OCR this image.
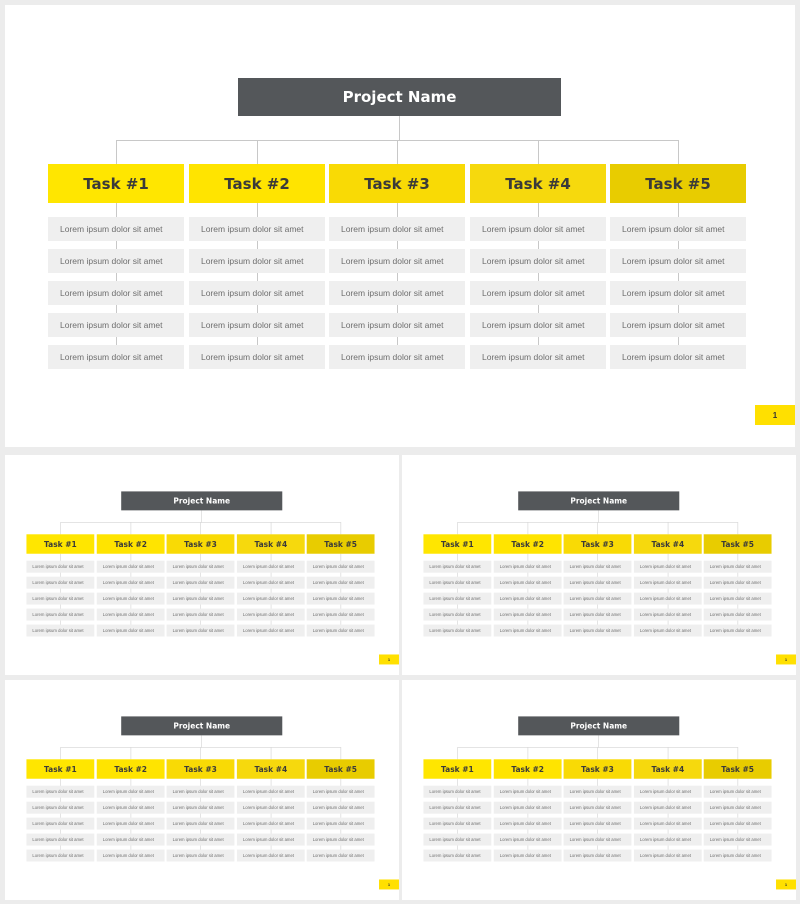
Project Name
Task #1
Lorem ipsum dolor sit amet
Lorem ipsum dolor sit amet
Lorem ipsum dolor sit amet
Lorem ipsum dolor sit amet
Lorem ipsum dolor sit amet
Task #2
Lorem ipsum dolor sit amet
Lorem ipsum dolor sit amet
Lorem ipsum dolor sit amet
Lorem ipsum dolor sit amet
Lorem ipsum dolor sit amet
Task #3
Lorem ipsum dolor sit amet
Lorem ipsum dolor sit amet
Lorem ipsum dolor sit amet
Lorem ipsum dolor sit amet
Lorem ipsum dolor sit amet
Task #4
Lorem ipsum dolor sit amet
Lorem ipsum dolor sit amet
Lorem ipsum dolor sit amet
Lorem ipsum dolor sit amet
Lorem ipsum dolor sit amet
Task #5
Lorem ipsum dolor sit amet
Lorem ipsum dolor sit amet
Lorem ipsum dolor sit amet
Lorem ipsum dolor sit amet
Lorem ipsum dolor sit amet
1
Project Name
Task #1
Lorem ipsum dolor sit amet
Lorem ipsum dolor sit amet
Lorem ipsum dolor sit amet
Lorem ipsum dolor sit amet
Lorem ipsum dolor sit amet
Task #2
Lorem ipsum dolor sit amet
Lorem ipsum dolor sit amet
Lorem ipsum dolor sit amet
Lorem ipsum dolor sit amet
Lorem ipsum dolor sit amet
Task #3
Lorem ipsum dolor sit amet
Lorem ipsum dolor sit amet
Lorem ipsum dolor sit amet
Lorem ipsum dolor sit amet
Lorem ipsum dolor sit amet
Task #4
Lorem ipsum dolor sit amet
Lorem ipsum dolor sit amet
Lorem ipsum dolor sit amet
Lorem ipsum dolor sit amet
Lorem ipsum dolor sit amet
Task #5
Lorem ipsum dolor sit amet
Lorem ipsum dolor sit amet
Lorem ipsum dolor sit amet
Lorem ipsum dolor sit amet
Lorem ipsum dolor sit amet
1
Project Name
Task #1
Lorem ipsum dolor sit amet
Lorem ipsum dolor sit amet
Lorem ipsum dolor sit amet
Lorem ipsum dolor sit amet
Lorem ipsum dolor sit amet
Task #2
Lorem ipsum dolor sit amet
Lorem ipsum dolor sit amet
Lorem ipsum dolor sit amet
Lorem ipsum dolor sit amet
Lorem ipsum dolor sit amet
Task #3
Lorem ipsum dolor sit amet
Lorem ipsum dolor sit amet
Lorem ipsum dolor sit amet
Lorem ipsum dolor sit amet
Lorem ipsum dolor sit amet
Task #4
Lorem ipsum dolor sit amet
Lorem ipsum dolor sit amet
Lorem ipsum dolor sit amet
Lorem ipsum dolor sit amet
Lorem ipsum dolor sit amet
Task #5
Lorem ipsum dolor sit amet
Lorem ipsum dolor sit amet
Lorem ipsum dolor sit amet
Lorem ipsum dolor sit amet
Lorem ipsum dolor sit amet
1
Project Name
Task #1
Lorem ipsum dolor sit amet
Lorem ipsum dolor sit amet
Lorem ipsum dolor sit amet
Lorem ipsum dolor sit amet
Lorem ipsum dolor sit amet
Task #2
Lorem ipsum dolor sit amet
Lorem ipsum dolor sit amet
Lorem ipsum dolor sit amet
Lorem ipsum dolor sit amet
Lorem ipsum dolor sit amet
Task #3
Lorem ipsum dolor sit amet
Lorem ipsum dolor sit amet
Lorem ipsum dolor sit amet
Lorem ipsum dolor sit amet
Lorem ipsum dolor sit amet
Task #4
Lorem ipsum dolor sit amet
Lorem ipsum dolor sit amet
Lorem ipsum dolor sit amet
Lorem ipsum dolor sit amet
Lorem ipsum dolor sit amet
Task #5
Lorem ipsum dolor sit amet
Lorem ipsum dolor sit amet
Lorem ipsum dolor sit amet
Lorem ipsum dolor sit amet
Lorem ipsum dolor sit amet
1
Project Name
Task #1
Lorem ipsum dolor sit amet
Lorem ipsum dolor sit amet
Lorem ipsum dolor sit amet
Lorem ipsum dolor sit amet
Lorem ipsum dolor sit amet
Task #2
Lorem ipsum dolor sit amet
Lorem ipsum dolor sit amet
Lorem ipsum dolor sit amet
Lorem ipsum dolor sit amet
Lorem ipsum dolor sit amet
Task #3
Lorem ipsum dolor sit amet
Lorem ipsum dolor sit amet
Lorem ipsum dolor sit amet
Lorem ipsum dolor sit amet
Lorem ipsum dolor sit amet
Task #4
Lorem ipsum dolor sit amet
Lorem ipsum dolor sit amet
Lorem ipsum dolor sit amet
Lorem ipsum dolor sit amet
Lorem ipsum dolor sit amet
Task #5
Lorem ipsum dolor sit amet
Lorem ipsum dolor sit amet
Lorem ipsum dolor sit amet
Lorem ipsum dolor sit amet
Lorem ipsum dolor sit amet
1
